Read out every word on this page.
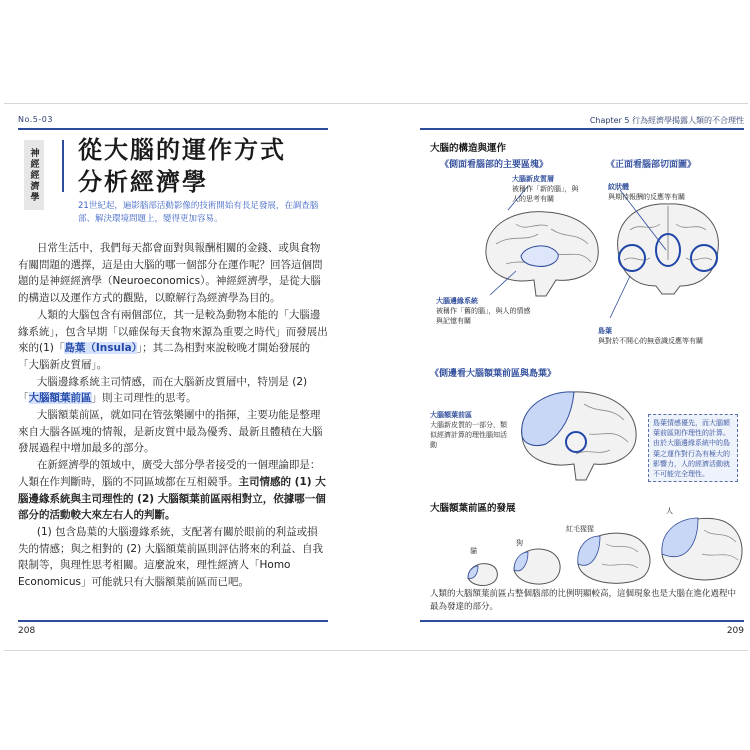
No.5-03
神經經濟學 從大腦的運作方式
分析經濟學
21世紀起，遍影腦部活動影像的技術開始有長足發展，在調查腦部、解決環境問題上，變得更加容易。

日常生活中，我們每天都會面對與報酬相關的金錢、或與食物有關問題的選擇，這是由大腦的哪一個部分在運作呢？回答這個問題的是神經經濟學（Neuroeconomics）。神經經濟學，是從大腦的構造以及運作方式的觀點，以瞭解行為經濟學為目的。

人類的大腦包含有兩個部位，其一是較為動物本能的「大腦邊緣系統」，包含早期「以確保每天食物來源為重要之時代」而發展出來的(1)「島葉（Insula）」；其二為相對來說較晚才開始發展的「大腦新皮質層」。

大腦邊緣系統主司情感，而在大腦新皮質層中，特別是 (2)「大腦額葉前區」則主司理性的思考。

大腦額葉前區，就如同在管弦樂團中的指揮，主要功能是整理來自大腦各區塊的情報，是新皮質中最為優秀、最新且體積在大腦發展過程中增加最多的部分。

在新經濟學的領域中，廣受大部分學者接受的一個理論即是：人類在作判斷時，腦的不同區域都在互相競爭。主司情感的 (1) 大腦邊緣系統與主司理性的 (2) 大腦額葉前區兩相對立，依據哪一個部分的活動較大來左右人的判斷。

(1) 包含島葉的大腦邊緣系統，支配著有關於眼前的利益或損失的情感；與之相對的 (2) 大腦額葉前區則評估將來的利益、自我限制等，與理性思考相關。這麼說來，理性經濟人「Homo Economicus」可能就只有大腦額葉前區而已吧。

208
Chapter 5 行為經濟學揭露人類的不合理性
大腦的構造與運作
《側面看腦部的主要區塊》	《正面看腦部切面圖》
大腦新皮質層
被稱作「新的腦」，與人的思考有關
大腦邊緣系統
被稱作「舊的腦」，與人的情感與記憶有關
紋狀體
與期待報酬的反應等有關
島葉
與對於不開心的無意識反應等有關
《側邊看大腦額葉前區與島葉》
大腦額葉前區
大腦新皮質的一部分，類似經濟計算的理性腦知活動
島葉情感優先，而大腦額葉前區則作理性的計算。由於大腦邊緣系統中的島葉之運作對行為有極大的影響力，人的經濟活動就不可能完全理性。
大腦額葉前區的發展
貓
狗
紅毛猩猩
人
人類的大腦額葉前區占整個腦部的比例明顯較高，這個現象也是大腦在進化過程中最為發達的部分。
209
